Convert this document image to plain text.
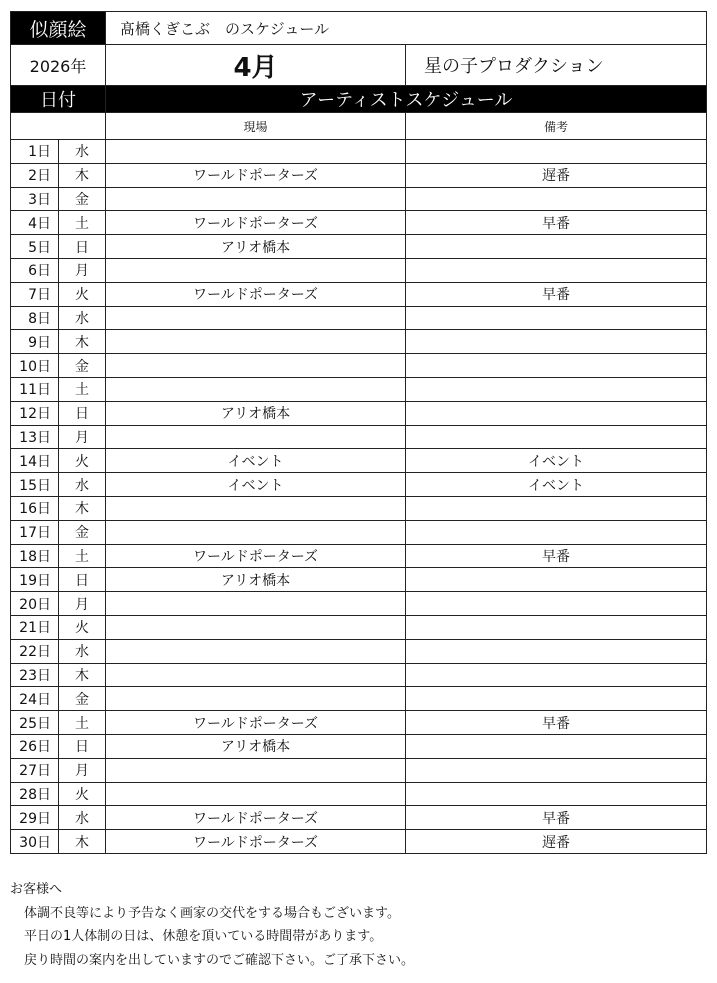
似顔絵		髙橋くぎこぶ　のスケジュール	
2026年		4月	星の子プロダクション
日付		アーティストスケジュール	
		現場	備考
1日	水		
2日	木	ワールドポーターズ	遅番
3日	金		
4日	土	ワールドポーターズ	早番
5日	日	アリオ橋本	
6日	月		
7日	火	ワールドポーターズ	早番
8日	水		
9日	木		
10日	金		
11日	土		
12日	日	アリオ橋本	
13日	月		
14日	火	イベント	イベント
15日	水	イベント	イベント
16日	木		
17日	金		
18日	土	ワールドポーターズ	早番
19日	日	アリオ橋本	
20日	月		
21日	火		
22日	水		
23日	木		
24日	金		
25日	土	ワールドポーターズ	早番
26日	日	アリオ橋本	
27日	月		
28日	火		
29日	水	ワールドポーターズ	早番
30日	木	ワールドポーターズ	遅番
お客様へ
体調不良等により予告なく画家の交代をする場合もございます。
平日の1人体制の日は、休憩を頂いている時間帯があります。
戻り時間の案内を出していますのでご確認下さい。ご了承下さい。
